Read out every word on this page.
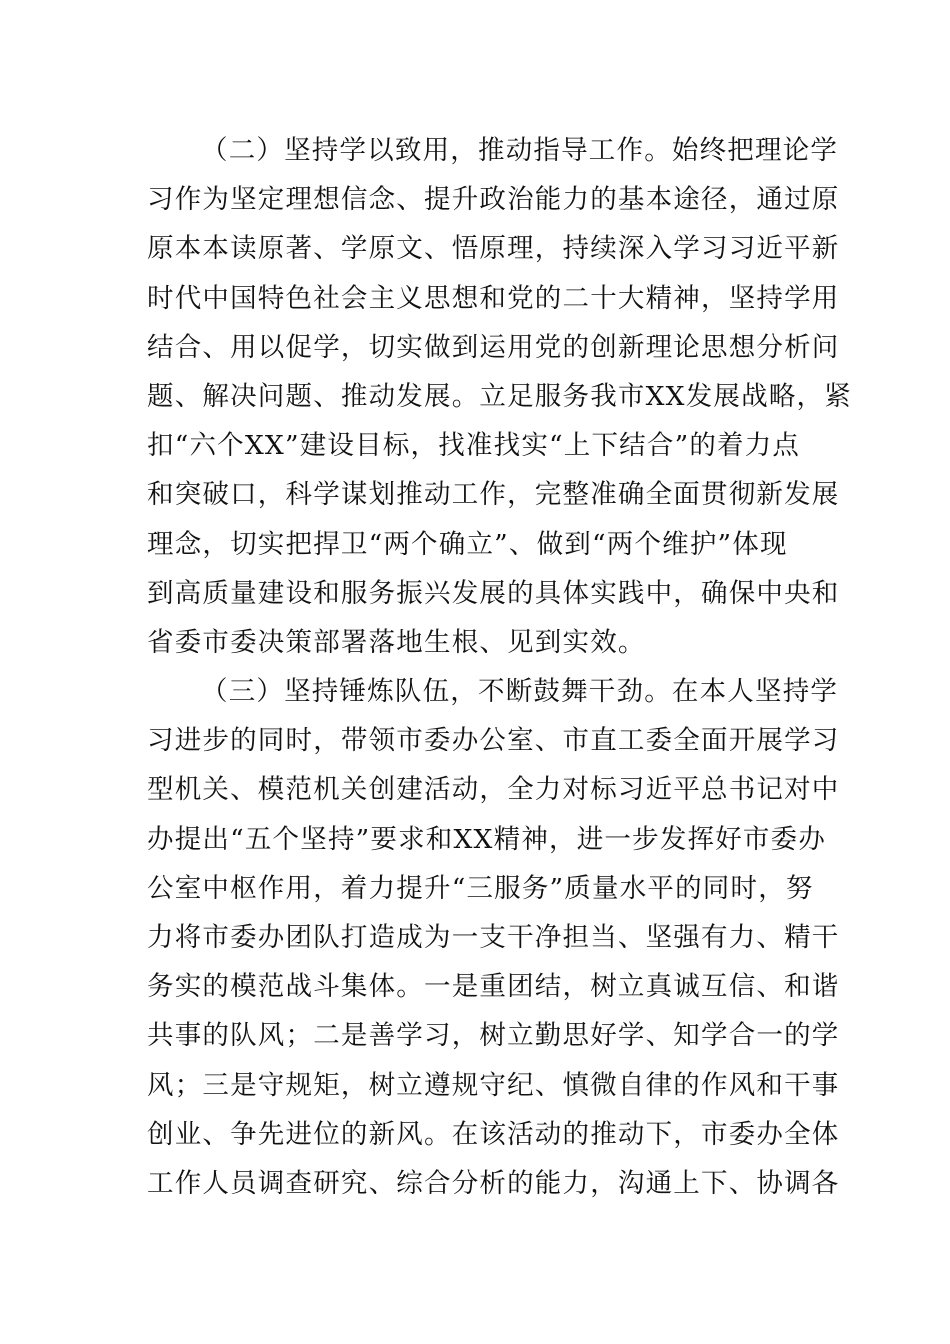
（二）坚持学以致用，推动指导工作。始终把理论学
习作为坚定理想信念、提升政治能力的基本途径，通过原
原本本读原著、学原文、悟原理，持续深入学习习近平新
时代中国特色社会主义思想和党的二十大精神，坚持学用
结合、用以促学，切实做到运用党的创新理论思想分析问
题、解决问题、推动发展。立足服务我市XX发展战略，紧
扣“六个XX”建设目标，找准找实“上下结合”的着力点
和突破口，科学谋划推动工作，完整准确全面贯彻新发展
理念，切实把捍卫“两个确立”、做到“两个维护”体现
到高质量建设和服务振兴发展的具体实践中，确保中央和
省委市委决策部署落地生根、见到实效。
（三）坚持锤炼队伍，不断鼓舞干劲。在本人坚持学
习进步的同时，带领市委办公室、市直工委全面开展学习
型机关、模范机关创建活动，全力对标习近平总书记对中
办提出“五个坚持”要求和XX精神，进一步发挥好市委办
公室中枢作用，着力提升“三服务”质量水平的同时，努
力将市委办团队打造成为一支干净担当、坚强有力、精干
务实的模范战斗集体。一是重团结，树立真诚互信、和谐
共事的队风；二是善学习，树立勤思好学、知学合一的学
风；三是守规矩，树立遵规守纪、慎微自律的作风和干事
创业、争先进位的新风。在该活动的推动下，市委办全体
工作人员调查研究、综合分析的能力，沟通上下、协调各
